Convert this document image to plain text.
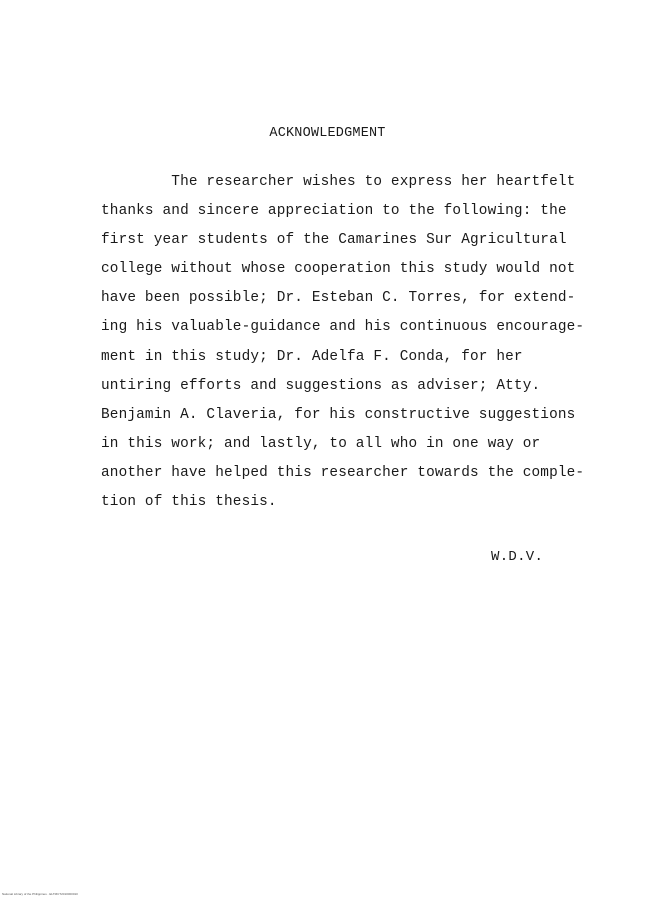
ACKNOWLEDGMENT
The researcher wishes to express her heartfelt
thanks and sincere appreciation to the following: the
first year students of the Camarines Sur Agricultural
college without whose cooperation this study would not
have been possible; Dr. Esteban C. Torres, for extend-
ing his valuable-guidance and his continuous encourage-
ment in this study; Dr. Adelfa F. Conda, for her
untiring efforts and suggestions as adviser; Atty.
Benjamin A. Claveria, for his constructive suggestions
in this work; and lastly, to all who in one way or
another have helped this researcher towards the comple-
tion of this thesis.
W.D.V.
National Library of the Philippines · ELTMCT2010000010
